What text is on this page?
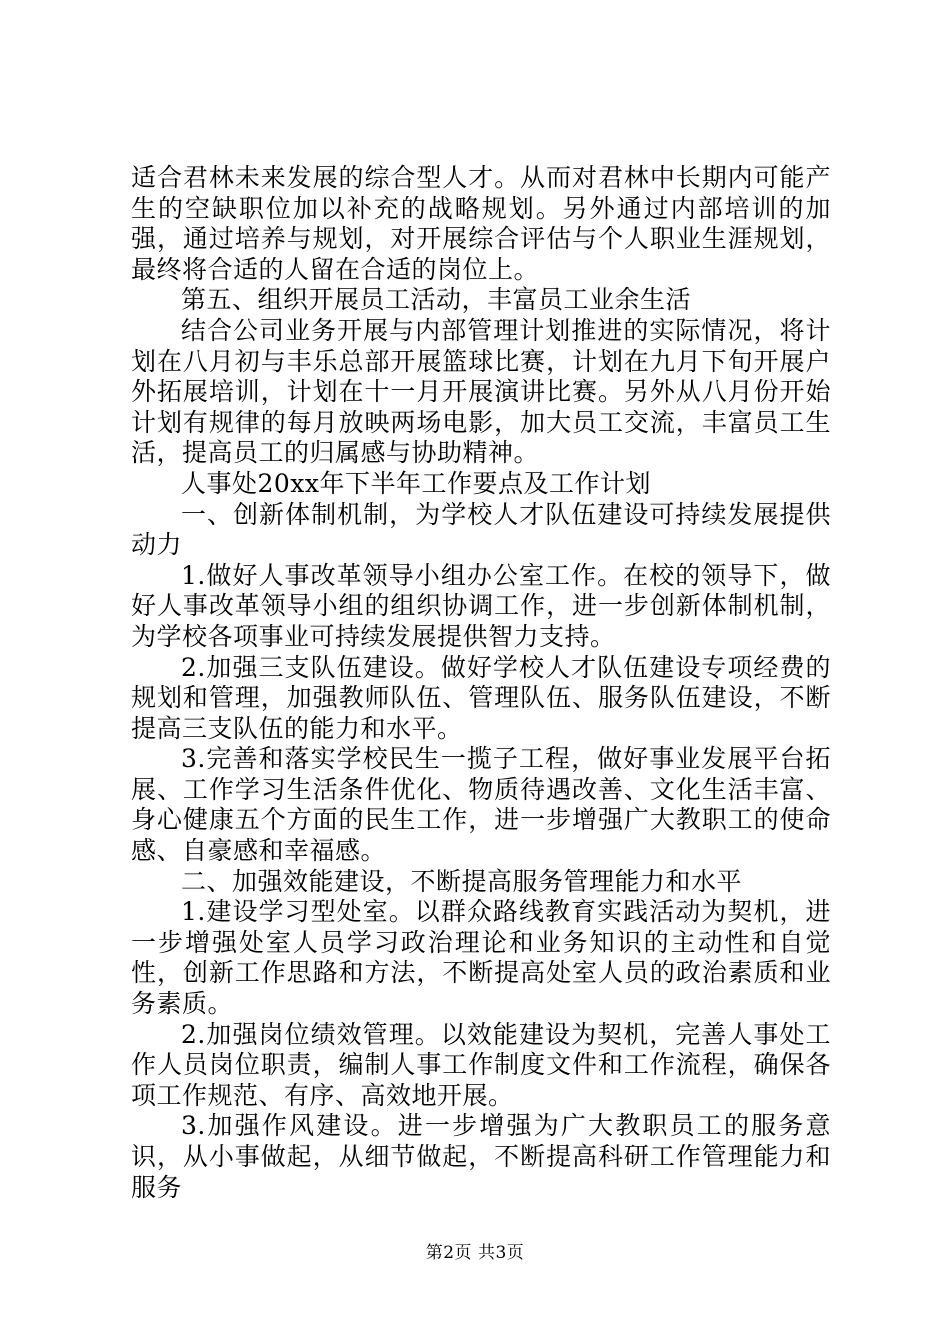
适合君林未来发展的综合型人才。从而对君林中长期内可能产生的空缺职位加以补充的战略规划。另外通过内部培训的加强，通过培养与规划，对开展综合评估与个人职业生涯规划，最终将合适的人留在合适的岗位上。

第五、组织开展员工活动，丰富员工业余生活

结合公司业务开展与内部管理计划推进的实际情况，将计划在八月初与丰乐总部开展篮球比赛，计划在九月下旬开展户外拓展培训，计划在十一月开展演讲比赛。另外从八月份开始计划有规律的每月放映两场电影，加大员工交流，丰富员工生活，提高员工的归属感与协助精神。

人事处20xx年下半年工作要点及工作计划

一、创新体制机制，为学校人才队伍建设可持续发展提供动力

1.做好人事改革领导小组办公室工作。在校的领导下，做好人事改革领导小组的组织协调工作，进一步创新体制机制，为学校各项事业可持续发展提供智力支持。

2.加强三支队伍建设。做好学校人才队伍建设专项经费的规划和管理，加强教师队伍、管理队伍、服务队伍建设，不断提高三支队伍的能力和水平。

3.完善和落实学校民生一揽子工程，做好事业发展平台拓展、工作学习生活条件优化、物质待遇改善、文化生活丰富、身心健康五个方面的民生工作，进一步增强广大教职工的使命感、自豪感和幸福感。

二、加强效能建设，不断提高服务管理能力和水平

1.建设学习型处室。以群众路线教育实践活动为契机，进一步增强处室人员学习政治理论和业务知识的主动性和自觉性，创新工作思路和方法，不断提高处室人员的政治素质和业务素质。

2.加强岗位绩效管理。以效能建设为契机，完善人事处工作人员岗位职责，编制人事工作制度文件和工作流程，确保各项工作规范、有序、高效地开展。

3.加强作风建设。进一步增强为广大教职员工的服务意识，从小事做起，从细节做起，不断提高科研工作管理能力和服务

第2页 共3页
